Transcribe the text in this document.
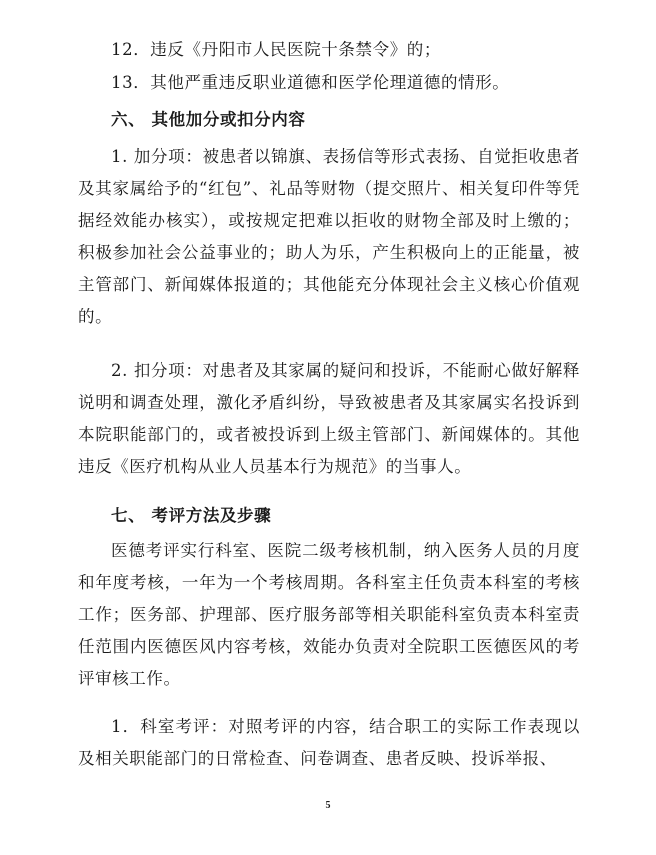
12．违反《丹阳市人民医院十条禁令》的；

13．其他严重违反职业道德和医学伦理道德的情形。

六、 其他加分或扣分内容

1. 加分项：被患者以锦旗、表扬信等形式表扬、自觉拒收患者及其家属给予的“红包”、礼品等财物（提交照片、相关复印件等凭据经效能办核实），或按规定把难以拒收的财物全部及时上缴的；积极参加社会公益事业的；助人为乐，产生积极向上的正能量，被主管部门、新闻媒体报道的；其他能充分体现社会主义核心价值观的。

2. 扣分项：对患者及其家属的疑问和投诉，不能耐心做好解释说明和调查处理，激化矛盾纠纷，导致被患者及其家属实名投诉到本院职能部门的，或者被投诉到上级主管部门、新闻媒体的。其他违反《医疗机构从业人员基本行为规范》的当事人。

七、 考评方法及步骤

医德考评实行科室、医院二级考核机制，纳入医务人员的月度和年度考核，一年为一个考核周期。各科室主任负责本科室的考核工作；医务部、护理部、医疗服务部等相关职能科室负责本科室责任范围内医德医风内容考核，效能办负责对全院职工医德医风的考评审核工作。

1．科室考评：对照考评的内容，结合职工的实际工作表现以及相关职能部门的日常检查、问卷调查、患者反映、投诉举报、

5
